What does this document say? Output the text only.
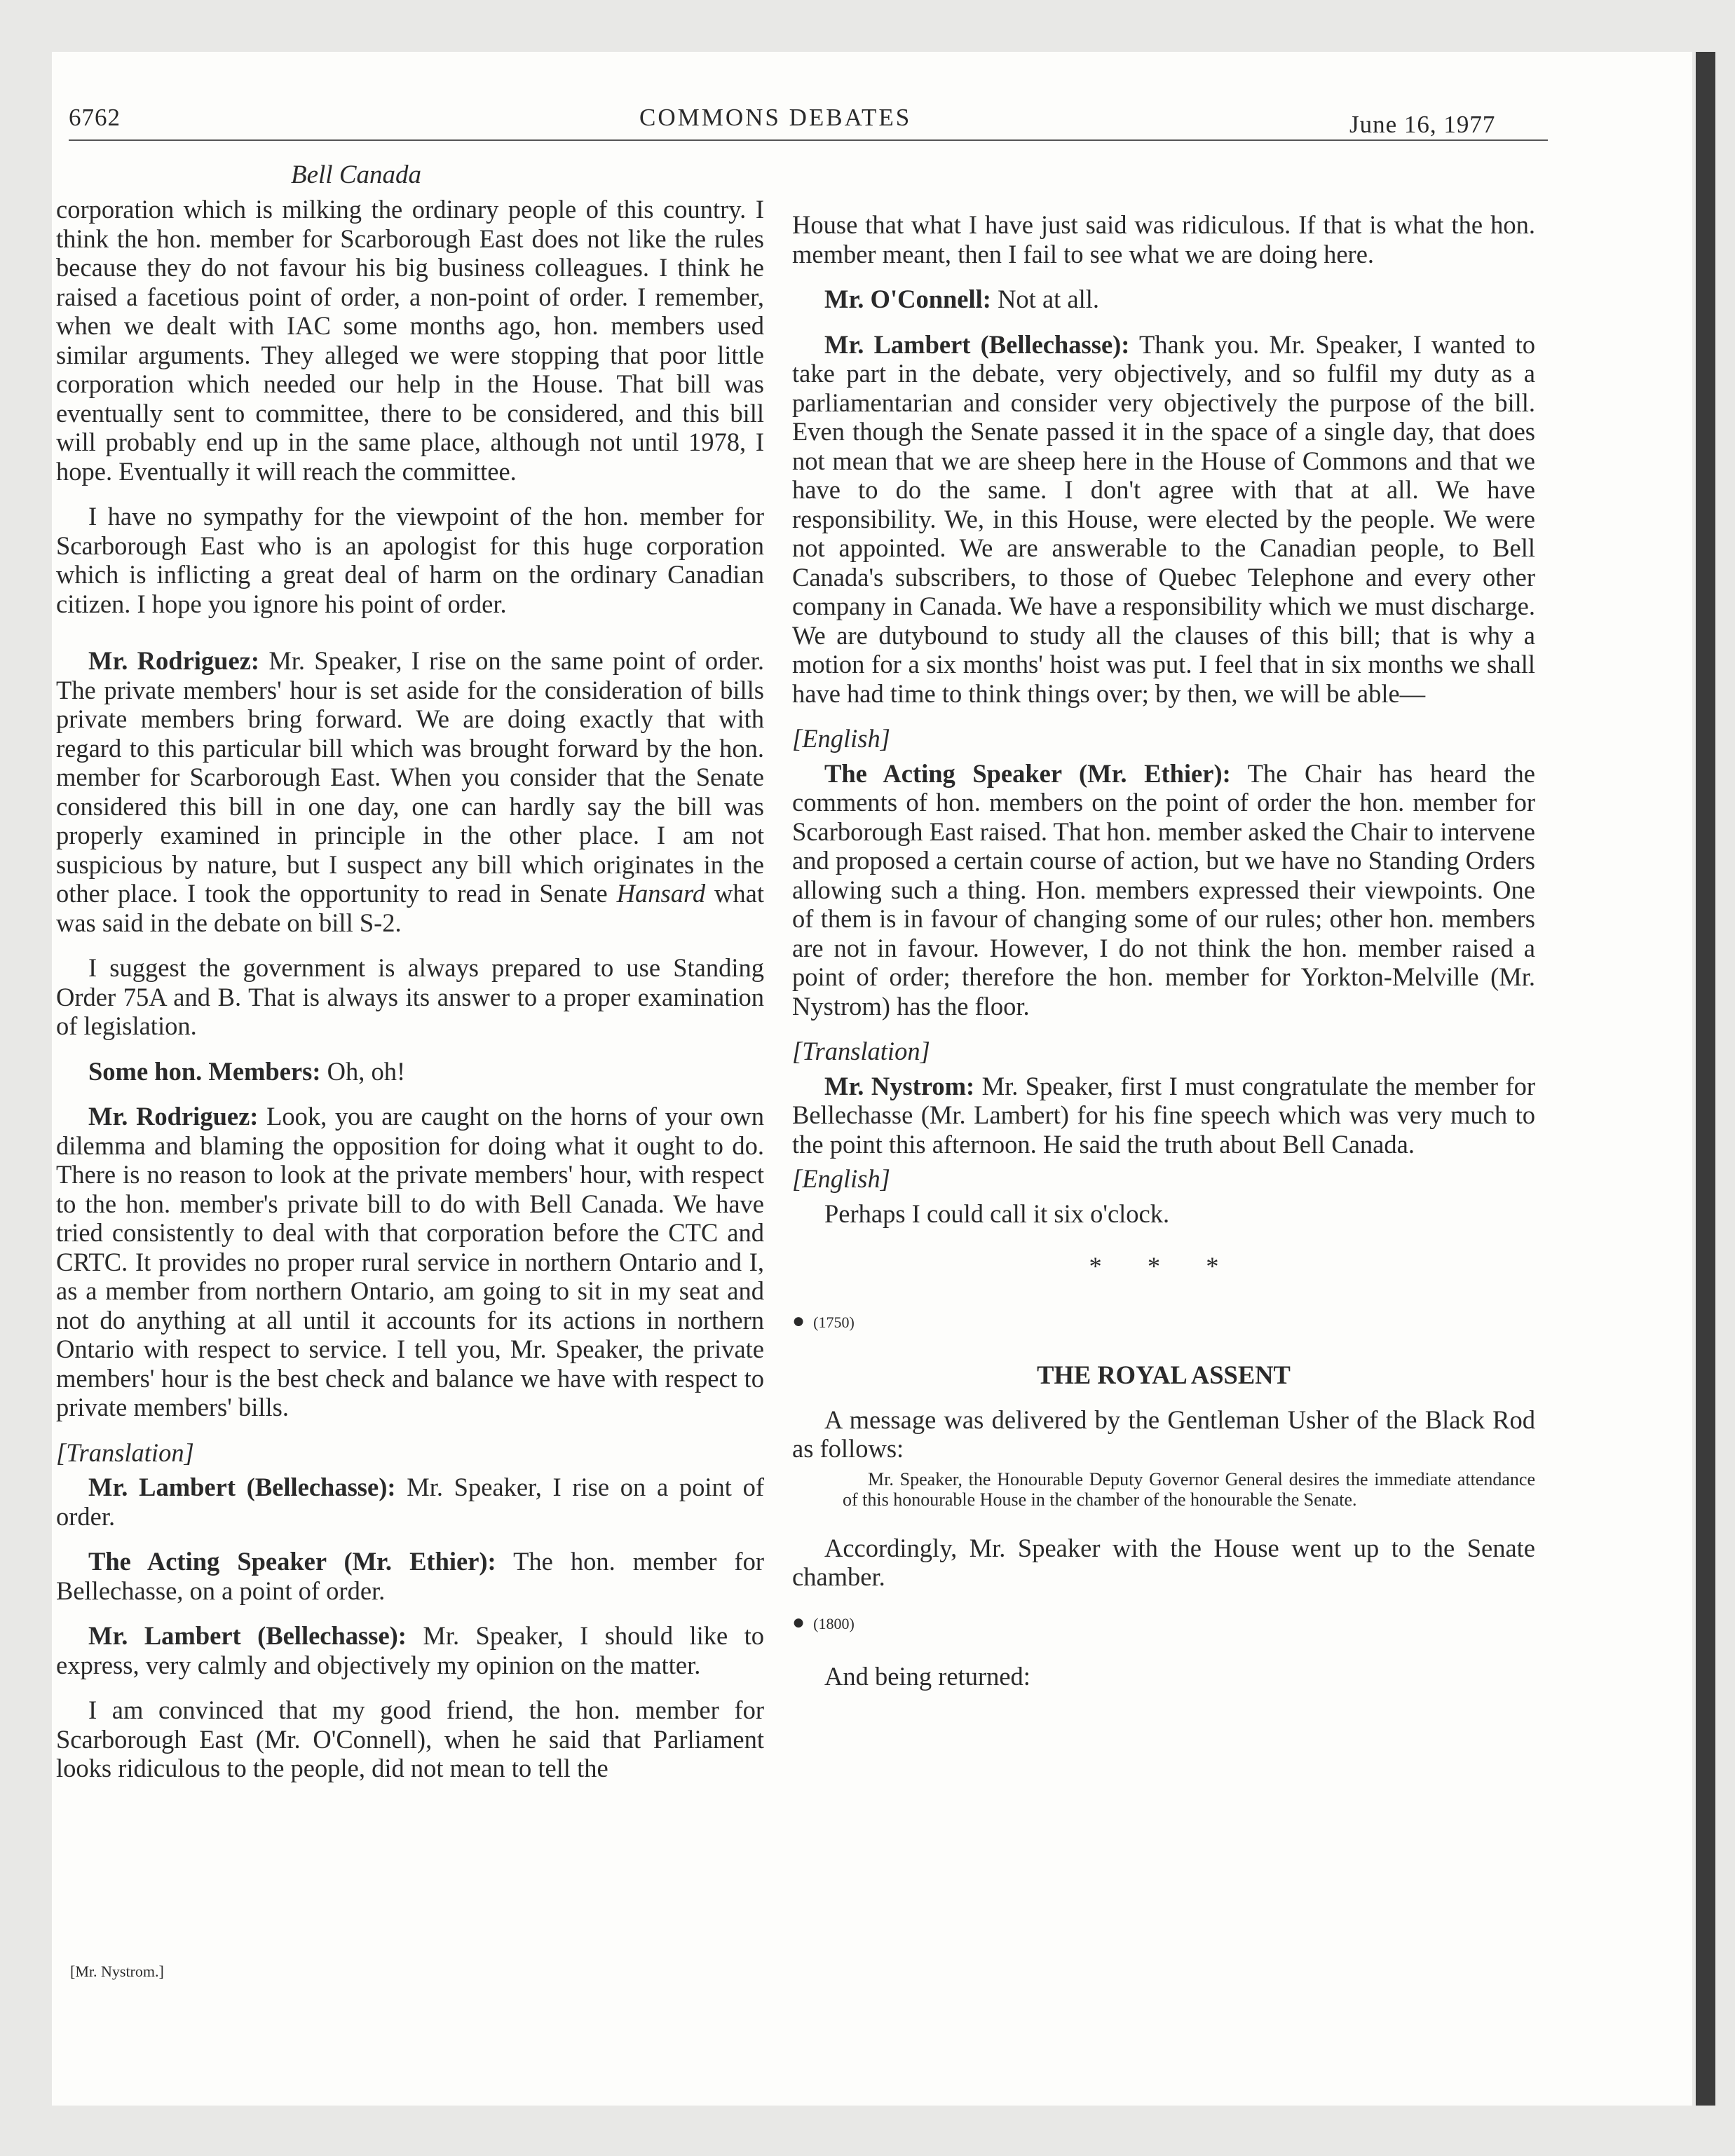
6762	COMMONS DEBATES	June 16, 1977
Bell Canada

corporation which is milking the ordinary people of this country. I think the hon. member for Scarborough East does not like the rules because they do not favour his big business colleagues. I think he raised a facetious point of order, a non-point of order. I remember, when we dealt with IAC some months ago, hon. members used similar arguments. They alleged we were stopping that poor little corporation which needed our help in the House. That bill was eventually sent to committee, there to be considered, and this bill will probably end up in the same place, although not until 1978, I hope. Eventually it will reach the committee.

I have no sympathy for the viewpoint of the hon. member for Scarborough East who is an apologist for this huge corporation which is inflicting a great deal of harm on the ordinary Canadian citizen. I hope you ignore his point of order.

Mr. Rodriguez: Mr. Speaker, I rise on the same point of order. The private members' hour is set aside for the consideration of bills private members bring forward. We are doing exactly that with regard to this particular bill which was brought forward by the hon. member for Scarborough East. When you consider that the Senate considered this bill in one day, one can hardly say the bill was properly examined in principle in the other place. I am not suspicious by nature, but I suspect any bill which originates in the other place. I took the opportunity to read in Senate Hansard what was said in the debate on bill S-2.

I suggest the government is always prepared to use Standing Order 75A and B. That is always its answer to a proper examination of legislation.

Some hon. Members: Oh, oh!

Mr. Rodriguez: Look, you are caught on the horns of your own dilemma and blaming the opposition for doing what it ought to do. There is no reason to look at the private members' hour, with respect to the hon. member's private bill to do with Bell Canada. We have tried consistently to deal with that corporation before the CTC and CRTC. It provides no proper rural service in northern Ontario and I, as a member from northern Ontario, am going to sit in my seat and not do anything at all until it accounts for its actions in northern Ontario with respect to service. I tell you, Mr. Speaker, the private members' hour is the best check and balance we have with respect to private members' bills.

[Translation]

Mr. Lambert (Bellechasse): Mr. Speaker, I rise on a point of order.

The Acting Speaker (Mr. Ethier): The hon. member for Bellechasse, on a point of order.

Mr. Lambert (Bellechasse): Mr. Speaker, I should like to express, very calmly and objectively my opinion on the matter.

I am convinced that my good friend, the hon. member for Scarborough East (Mr. O'Connell), when he said that Parliament looks ridiculous to the people, did not mean to tell the

House that what I have just said was ridiculous. If that is what the hon. member meant, then I fail to see what we are doing here.

Mr. O'Connell: Not at all.

Mr. Lambert (Bellechasse): Thank you. Mr. Speaker, I wanted to take part in the debate, very objectively, and so fulfil my duty as a parliamentarian and consider very objectively the purpose of the bill. Even though the Senate passed it in the space of a single day, that does not mean that we are sheep here in the House of Commons and that we have to do the same. I don't agree with that at all. We have responsibility. We, in this House, were elected by the people. We were not appointed. We are answerable to the Canadian people, to Bell Canada's subscribers, to those of Quebec Telephone and every other company in Canada. We have a responsibility which we must discharge. We are dutybound to study all the clauses of this bill; that is why a motion for a six months' hoist was put. I feel that in six months we shall have had time to think things over; by then, we will be able—

[English]

The Acting Speaker (Mr. Ethier): The Chair has heard the comments of hon. members on the point of order the hon. member for Scarborough East raised. That hon. member asked the Chair to intervene and proposed a certain course of action, but we have no Standing Orders allowing such a thing. Hon. members expressed their viewpoints. One of them is in favour of changing some of our rules; other hon. members are not in favour. However, I do not think the hon. member raised a point of order; therefore the hon. member for Yorkton-Melville (Mr. Nystrom) has the floor.

[Translation]

Mr. Nystrom: Mr. Speaker, first I must congratulate the member for Bellechasse (Mr. Lambert) for his fine speech which was very much to the point this afternoon. He said the truth about Bell Canada.

[English]

Perhaps I could call it six o'clock.

* * *

● (1750)

THE ROYAL ASSENT

A message was delivered by the Gentleman Usher of the Black Rod as follows:

Mr. Speaker, the Honourable Deputy Governor General desires the immediate attendance of this honourable House in the chamber of the honourable the Senate.

Accordingly, Mr. Speaker with the House went up to the Senate chamber.

● (1800)

And being returned:

[Mr. Nystrom.]
